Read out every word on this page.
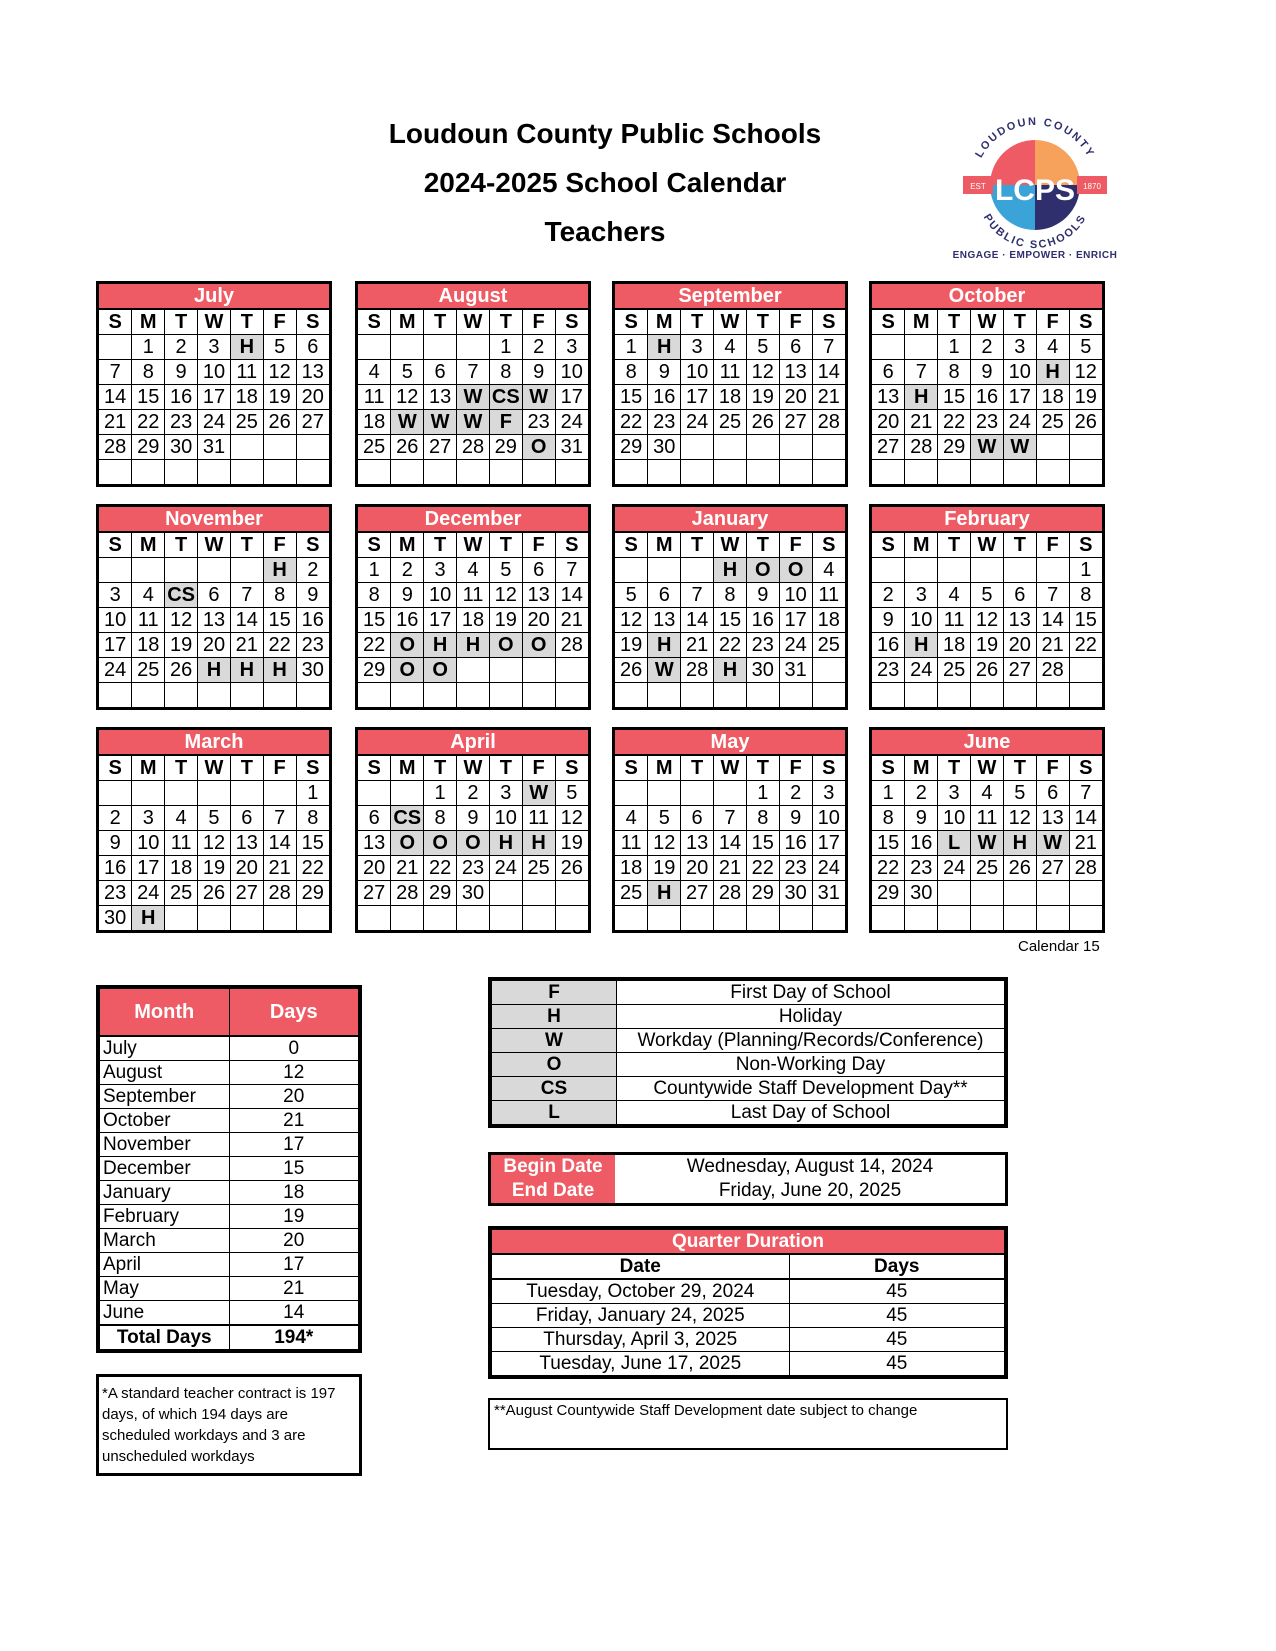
Loudoun County Public Schools
2024-2025 School Calendar
Teachers
LOUDOUN COUNTY
PUBLIC SCHOOLS
EST	1870
LCPS
ENGAGE · EMPOWER · ENRICH
July
S	M	T	W	T	F	S
	1	2	3	H	5	6
7	8	9	10	11	12	13
14	15	16	17	18	19	20
21	22	23	24	25	26	27
28	29	30	31			

August
S	M	T	W	T	F	S
				1	2	3
4	5	6	7	8	9	10
11	12	13	W	CS	W	17
18	W	W	W	F	23	24
25	26	27	28	29	O	31

September
S	M	T	W	T	F	S
1	H	3	4	5	6	7
8	9	10	11	12	13	14
15	16	17	18	19	20	21
22	23	24	25	26	27	28
29	30					

October
S	M	T	W	T	F	S
		1	2	3	4	5
6	7	8	9	10	H	12
13	H	15	16	17	18	19
20	21	22	23	24	25	26
27	28	29	W	W		

November
S	M	T	W	T	F	S
					H	2
3	4	CS	6	7	8	9
10	11	12	13	14	15	16
17	18	19	20	21	22	23
24	25	26	H	H	H	30

December
S	M	T	W	T	F	S
1	2	3	4	5	6	7
8	9	10	11	12	13	14
15	16	17	18	19	20	21
22	O	H	H	O	O	28
29	O	O				

January
S	M	T	W	T	F	S
			H	O	O	4
5	6	7	8	9	10	11
12	13	14	15	16	17	18
19	H	21	22	23	24	25
26	W	28	H	30	31	

February
S	M	T	W	T	F	S
						1
2	3	4	5	6	7	8
9	10	11	12	13	14	15
16	H	18	19	20	21	22
23	24	25	26	27	28	

March
S	M	T	W	T	F	S
						1
2	3	4	5	6	7	8
9	10	11	12	13	14	15
16	17	18	19	20	21	22
23	24	25	26	27	28	29
30	H					
April
S	M	T	W	T	F	S
		1	2	3	W	5
6	CS	8	9	10	11	12
13	O	O	O	H	H	19
20	21	22	23	24	25	26
27	28	29	30			

May
S	M	T	W	T	F	S
				1	2	3
4	5	6	7	8	9	10
11	12	13	14	15	16	17
18	19	20	21	22	23	24
25	H	27	28	29	30	31

June
S	M	T	W	T	F	S
1	2	3	4	5	6	7
8	9	10	11	12	13	14
15	16	L	W	H	W	21
22	23	24	25	26	27	28
29	30					

Calendar 15
Month	Days
July	0
August	12
September	20
October	21
November	17
December	15
January	18
February	19
March	20
April	17
May	21
June	14
Total Days	194*
*A standard teacher contract is 197 days, of which 194 days are scheduled workdays and 3 are unscheduled workdays
F	First Day of School
H	Holiday
W	Workday (Planning/Records/Conference)
O	Non-Working Day
CS	Countywide Staff Development Day**
L	Last Day of School
Begin Date	Wednesday, August 14, 2024
End Date	Friday, June 20, 2025
Quarter Duration	
Date	Days
Tuesday, October 29, 2024	45
Friday, January 24, 2025	45
Thursday, April 3, 2025	45
Tuesday, June 17, 2025	45
**August Countywide Staff Development date subject to change
